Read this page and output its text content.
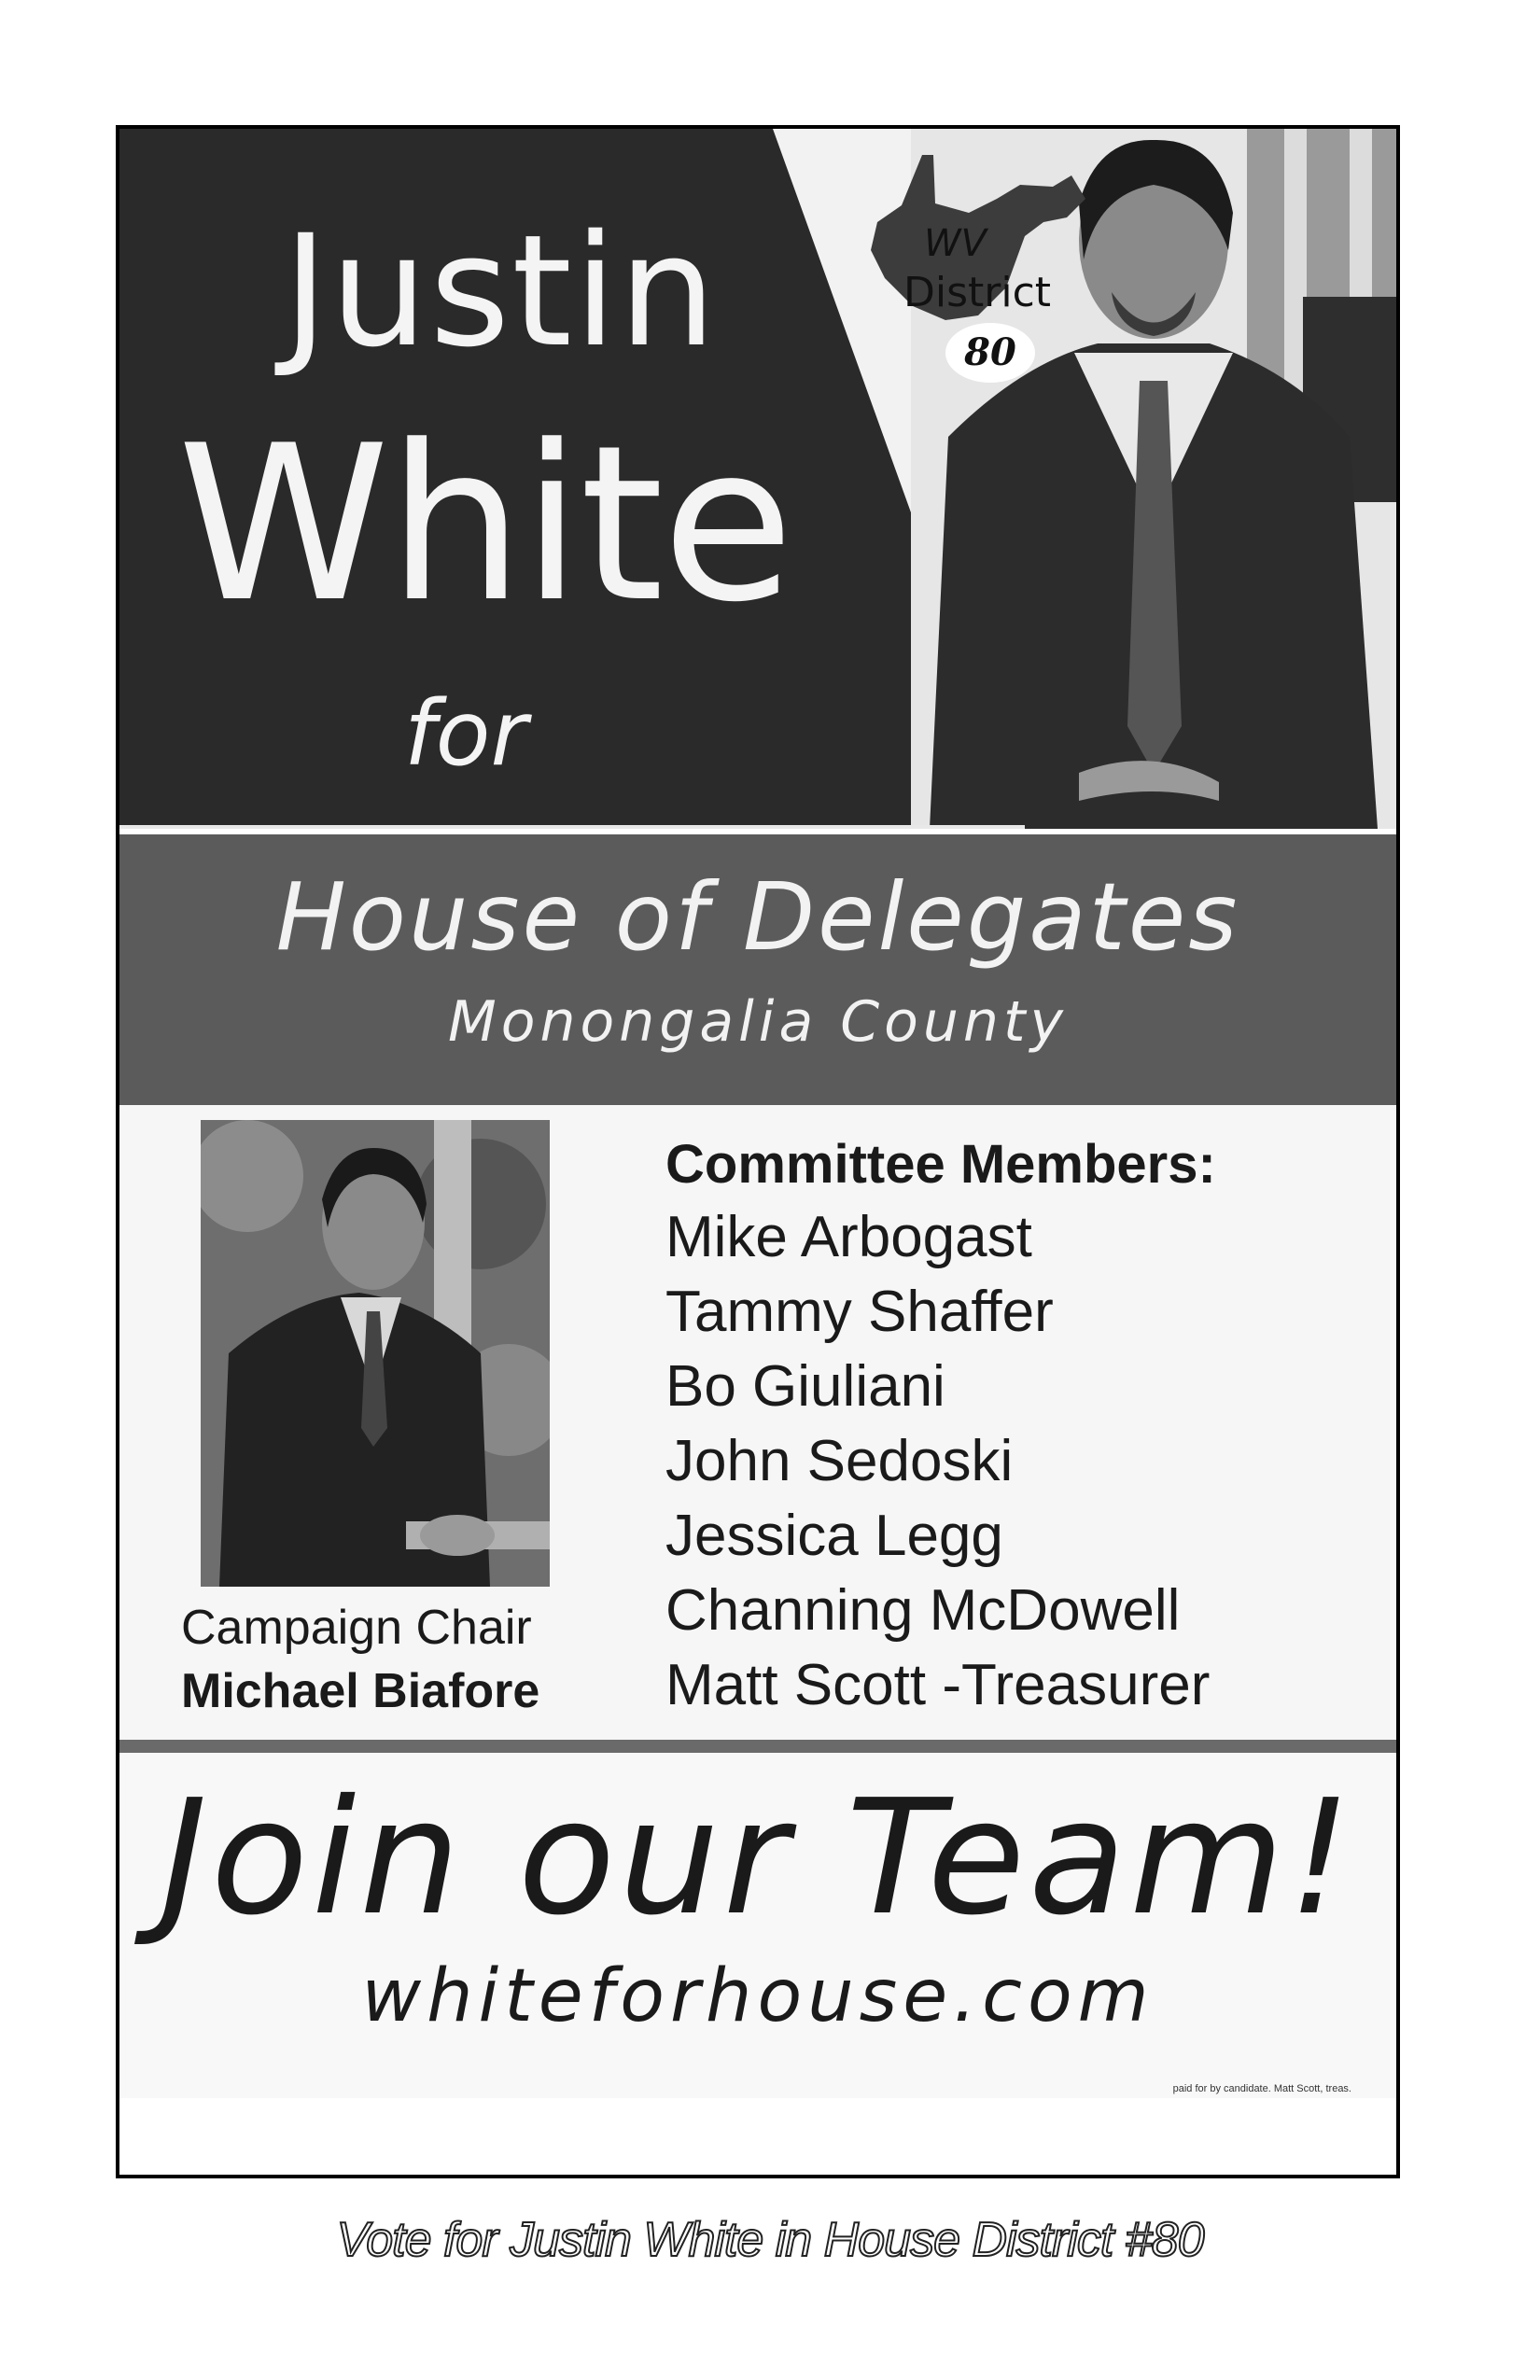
Justin
White
for
WV
District
80
House of Delegates
Monongalia County
Campaign Chair
Michael Biafore
Committee Members:
Mike Arbogast
Tammy Shaffer
Bo Giuliani
John Sedoski
Jessica Legg
Channing McDowell
Matt Scott -Treasurer
Join our Team!
whiteforhouse.com
paid for by candidate. Matt Scott, treas.
Vote for Justin White in House District #80
